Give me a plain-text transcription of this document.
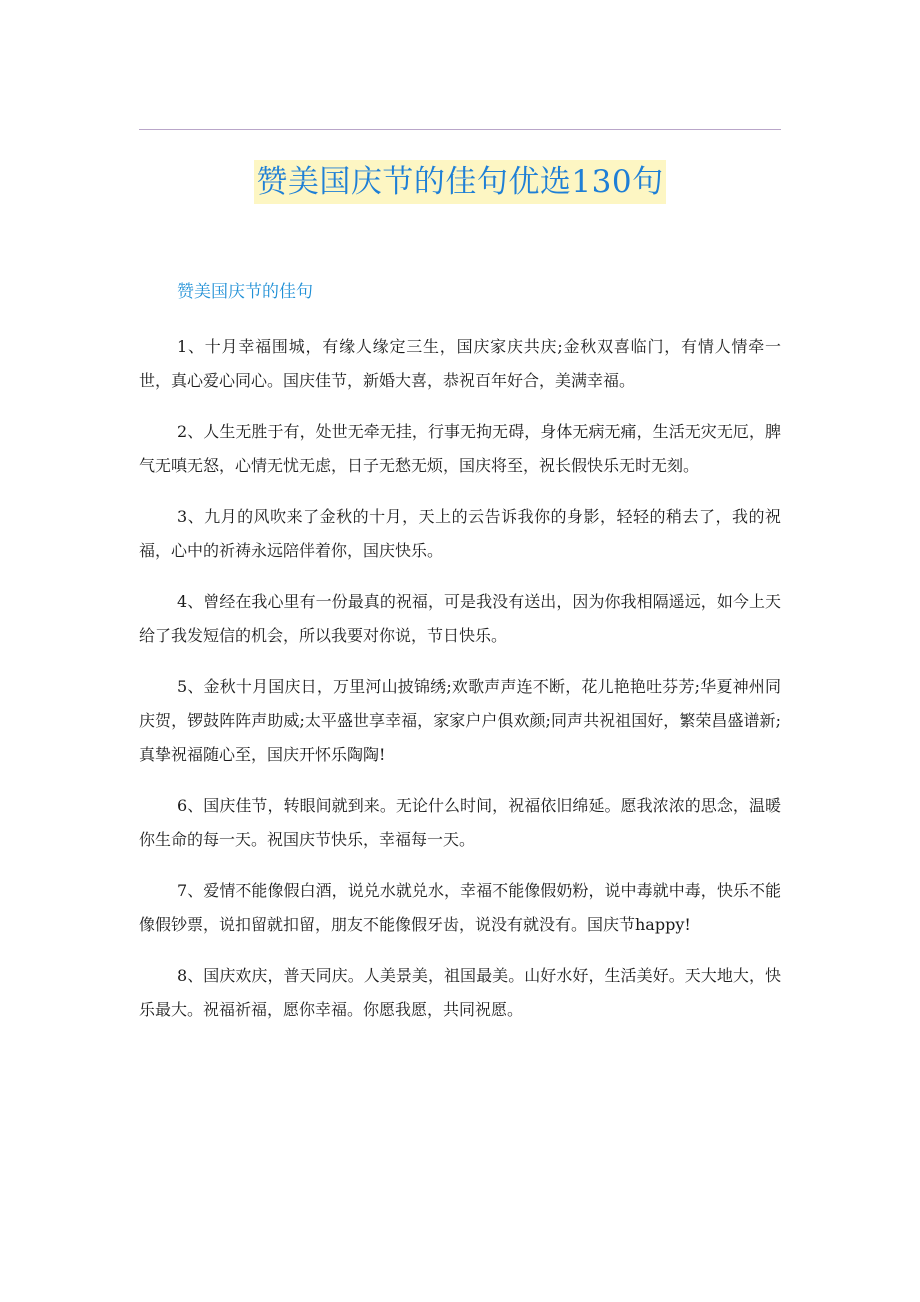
赞美国庆节的佳句优选130句
赞美国庆节的佳句

1、十月幸福围城，有缘人缘定三生，国庆家庆共庆;金秋双喜临门，有情人情牵一世，真心爱心同心。国庆佳节，新婚大喜，恭祝百年好合，美满幸福。

2、人生无胜于有，处世无牵无挂，行事无拘无碍，身体无病无痛，生活无灾无厄，脾气无嗔无怒，心情无忧无虑，日子无愁无烦，国庆将至，祝长假快乐无时无刻。

3、九月的风吹来了金秋的十月，天上的云告诉我你的身影，轻轻的稍去了，我的祝福，心中的祈祷永远陪伴着你，国庆快乐。

4、曾经在我心里有一份最真的祝福，可是我没有送出，因为你我相隔遥远，如今上天给了我发短信的机会，所以我要对你说，节日快乐。

5、金秋十月国庆日，万里河山披锦绣;欢歌声声连不断，花儿艳艳吐芬芳;华夏神州同庆贺，锣鼓阵阵声助威;太平盛世享幸福，家家户户俱欢颜;同声共祝祖国好，繁荣昌盛谱新;真挚祝福随心至，国庆开怀乐陶陶!

6、国庆佳节，转眼间就到来。无论什么时间，祝福依旧绵延。愿我浓浓的思念，温暖你生命的每一天。祝国庆节快乐，幸福每一天。

7、爱情不能像假白酒，说兑水就兑水，幸福不能像假奶粉，说中毒就中毒，快乐不能像假钞票，说扣留就扣留，朋友不能像假牙齿，说没有就没有。国庆节happy!

8、国庆欢庆，普天同庆。人美景美，祖国最美。山好水好，生活美好。天大地大，快乐最大。祝福祈福，愿你幸福。你愿我愿，共同祝愿。
